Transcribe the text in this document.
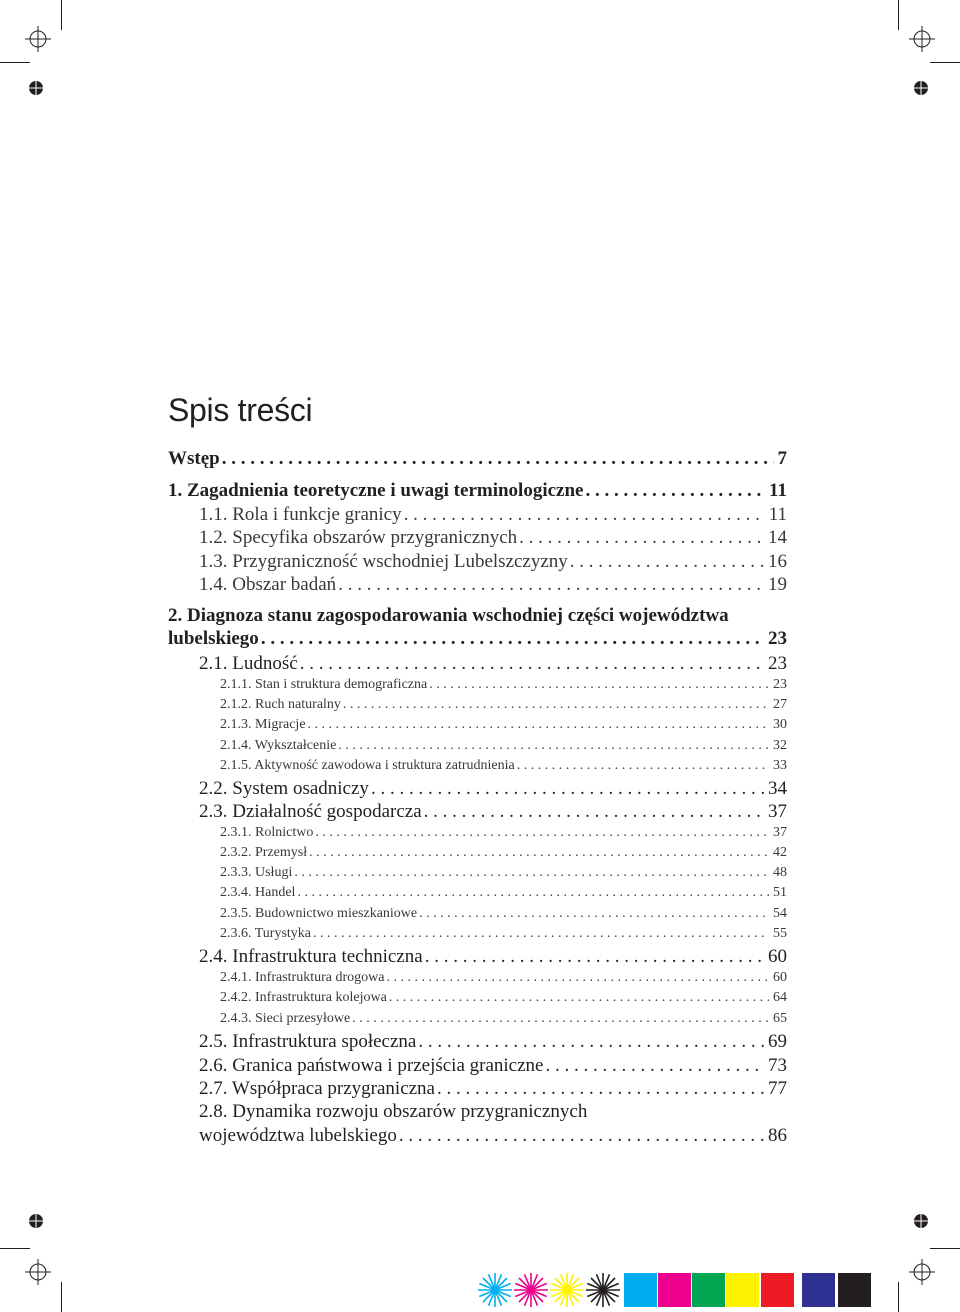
Spis treści
Wstęp . . .	7
1. Zagadnienia teoretyczne i uwagi terminologiczne . . .	11
1.1. Rola i funkcje granicy . . .	11
1.2. Specyfika obszarów przygranicznych . . .	14
1.3. Przygraniczność wschodniej Lubelszczyzny . . .	16
1.4. Obszar badań . . .	19
2. Diagnoza stanu zagospodarowania wschodniej części województwa
lubelskiego . . .	23
2.1. Ludność . . .	23
2.1.1. Stan i struktura demograficzna . . .	23
2.1.2. Ruch naturalny . . .	27
2.1.3. Migracje . . .	30
2.1.4. Wykształcenie . . .	32
2.1.5. Aktywność zawodowa i struktura zatrudnienia . . .	33
2.2. System osadniczy . . .	34
2.3. Działalność gospodarcza . . .	37
2.3.1. Rolnictwo . . .	37
2.3.2. Przemysł . . .	42
2.3.3. Usługi . . .	48
2.3.4. Handel . . .	51
2.3.5. Budownictwo mieszkaniowe . . .	54
2.3.6. Turystyka . . .	55
2.4. Infrastruktura techniczna . . .	60
2.4.1. Infrastruktura drogowa . . .	60
2.4.2. Infrastruktura kolejowa . . .	64
2.4.3. Sieci przesyłowe . . .	65
2.5. Infrastruktura społeczna . . .	69
2.6. Granica państwowa i przejścia graniczne . . .	73
2.7. Współpraca przygraniczna . . .	77
2.8. Dynamika rozwoju obszarów przygranicznych
województwa lubelskiego . . .	86
